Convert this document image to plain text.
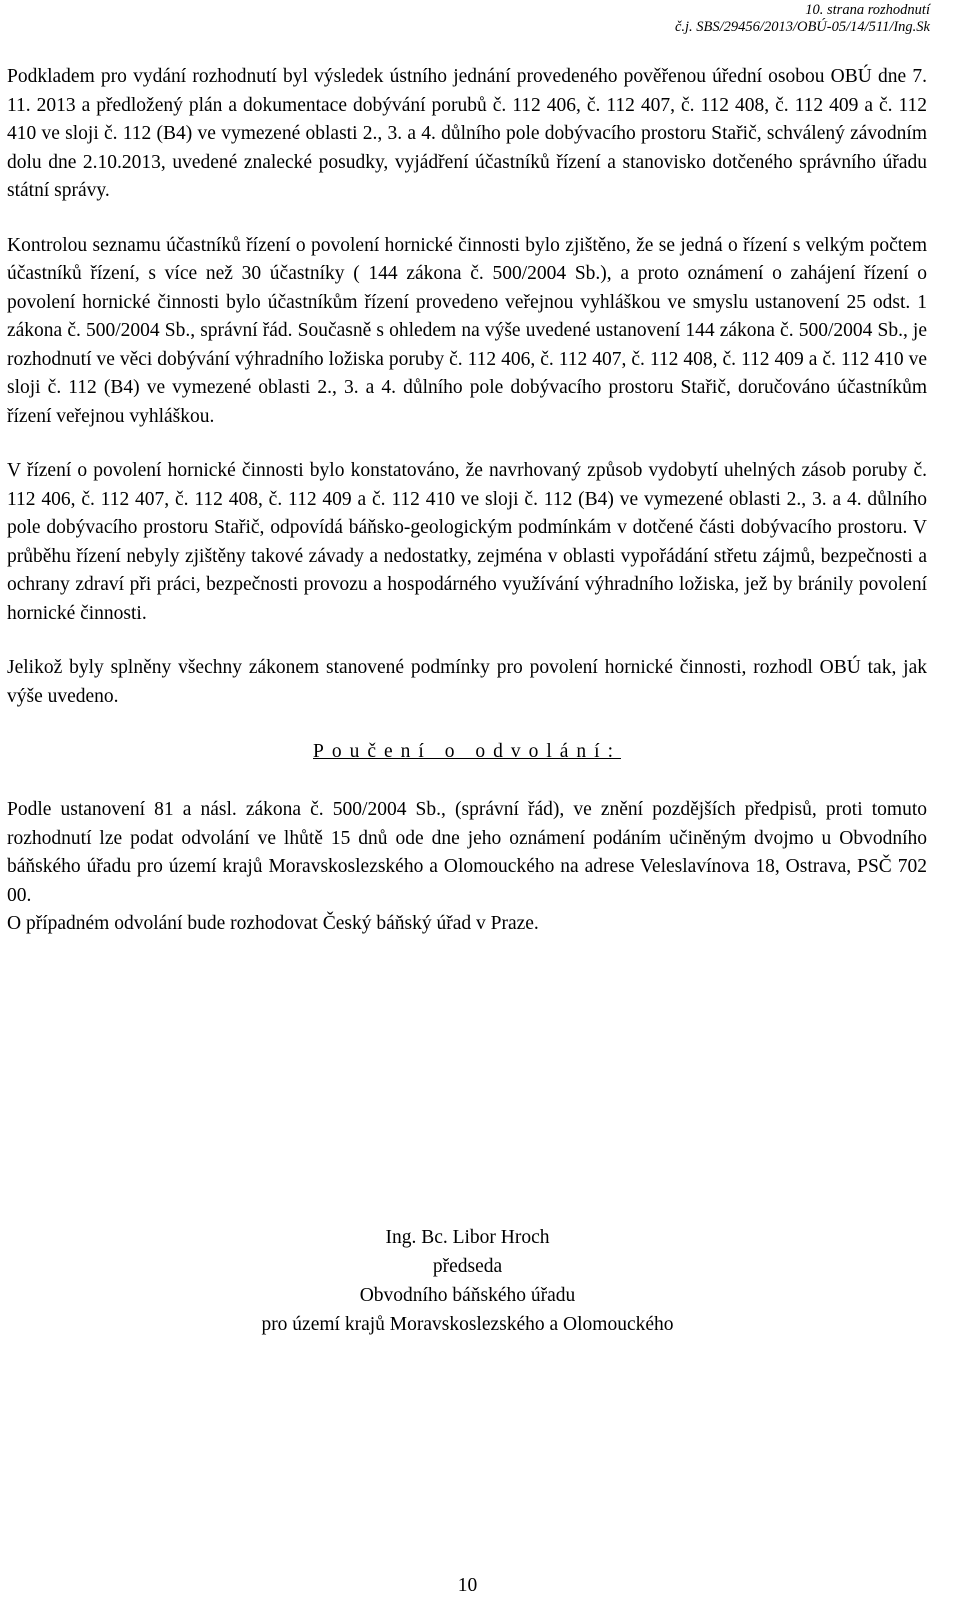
10. strana rozhodnutí
č.j. SBS/29456/2013/OBÚ-05/14/511/Ing.Sk

Podkladem pro vydání rozhodnutí byl výsledek ústního jednání provedeného pověřenou úřední osobou OBÚ dne 7. 11. 2013 a předložený plán a dokumentace dobývání porubů č. 112 406, č. 112 407, č. 112 408, č. 112 409 a č. 112 410 ve sloji č. 112 (B4) ve vymezené oblasti 2., 3. a 4. důlního pole dobývacího prostoru Stařič, schválený závodním dolu dne 2.10.2013, uvedené znalecké posudky, vyjádření účastníků řízení a stanovisko dotčeného správního úřadu státní správy.

Kontrolou seznamu účastníků řízení o povolení hornické činnosti bylo zjištěno, že se jedná o řízení s velkým počtem účastníků řízení, s více než 30 účastníky ( 144 zákona č. 500/2004 Sb.), a proto oznámení o zahájení řízení o povolení hornické činnosti bylo účastníkům řízení provedeno veřejnou vyhláškou ve smyslu ustanovení 25 odst. 1 zákona č. 500/2004 Sb., správní řád. Současně s ohledem na výše uvedené ustanovení 144 zákona č. 500/2004 Sb., je rozhodnutí ve věci dobývání výhradního ložiska poruby č. 112 406, č. 112 407, č. 112 408, č. 112 409 a č. 112 410 ve sloji č. 112 (B4) ve vymezené oblasti 2., 3. a 4. důlního pole dobývacího prostoru Stařič, doručováno účastníkům řízení veřejnou vyhláškou.

V řízení o povolení hornické činnosti bylo konstatováno, že navrhovaný způsob vydobytí uhelných zásob poruby č. 112 406, č. 112 407, č. 112 408, č. 112 409 a č. 112 410 ve sloji č. 112 (B4) ve vymezené oblasti 2., 3. a 4. důlního pole dobývacího prostoru Stařič, odpovídá báňsko-geologickým podmínkám v dotčené části dobývacího prostoru. V průběhu řízení nebyly zjištěny takové závady a nedostatky, zejména v oblasti vypořádání střetu zájmů, bezpečnosti a ochrany zdraví při práci, bezpečnosti provozu a hospodárného využívání výhradního ložiska, jež by bránily povolení hornické činnosti.

Jelikož byly splněny všechny zákonem stanovené podmínky pro povolení hornické činnosti, rozhodl OBÚ tak, jak výše uvedeno.

Poučení o odvolání:

Podle ustanovení 81 a násl. zákona č. 500/2004 Sb., (správní řád), ve znění pozdějších předpisů, proti tomuto rozhodnutí lze podat odvolání ve lhůtě 15 dnů ode dne jeho oznámení podáním učiněným dvojmo u Obvodního báňského úřadu pro území krajů Moravskoslezského a Olomouckého na adrese Veleslavínova 18, Ostrava, PSČ 702 00.

O případném odvolání bude rozhodovat Český báňský úřad v Praze.

Ing. Bc. Libor Hroch
předseda
Obvodního báňského úřadu
pro území krajů Moravskoslezského a Olomouckého
10
